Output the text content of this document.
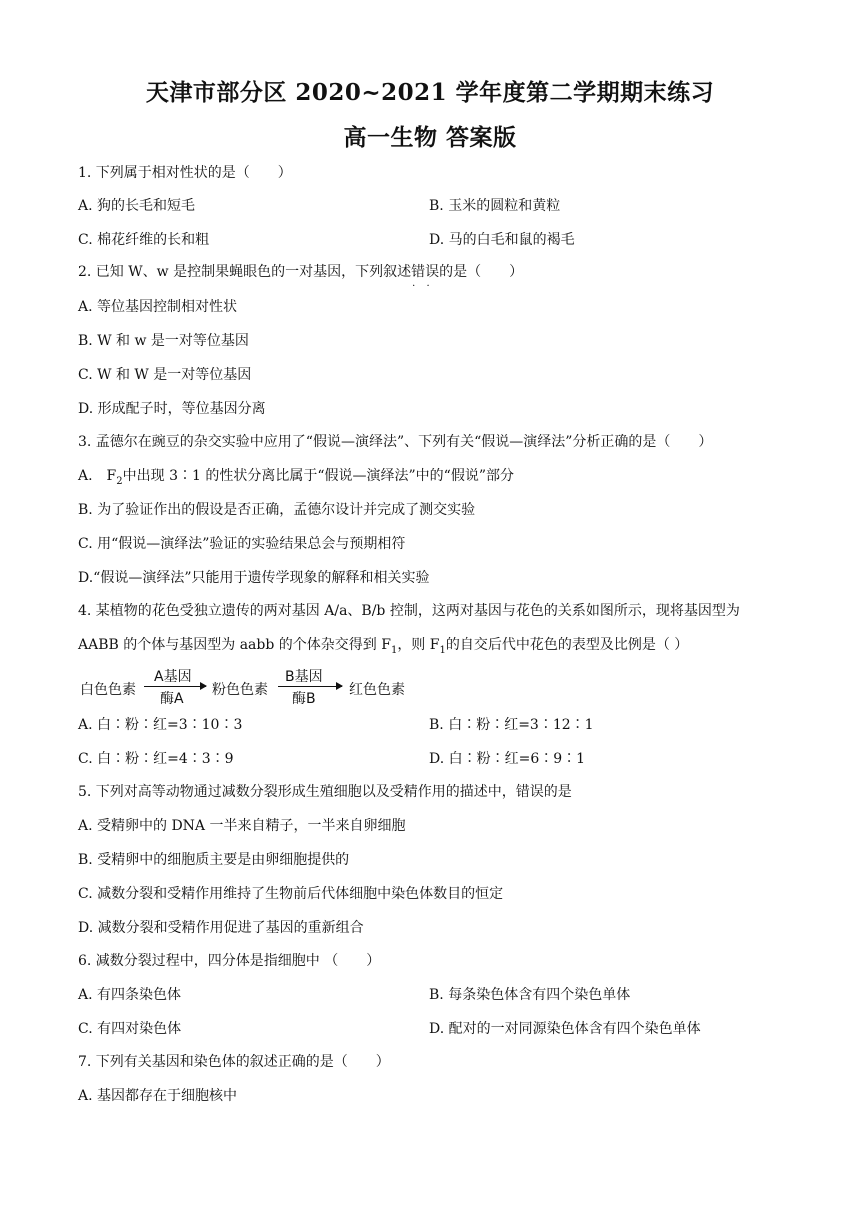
天津市部分区 2020~2021 学年度第二学期期末练习
高一生物 答案版
1. 下列属于相对性状的是（　　）
A. 狗的长毛和短毛	B. 玉米的圆粒和黄粒
C. 棉花纤维的长和粗	D. 马的白毛和鼠的褐毛
2. 已知 W、w 是控制果蝇眼色的一对基因，下列叙述错误 · ·的是（　　）
A. 等位基因控制相对性状
B. W 和 w 是一对等位基因
C. W 和 W 是一对等位基因
D. 形成配子时，等位基因分离
3. 孟德尔在豌豆的杂交实验中应用了“假说—演绎法”、下列有关“假说—演绎法”分析正确的是（　　）
A.　$F_2$中出现 3∶1 的性状分离比属于“假说—演绎法”中的“假说”部分
B. 为了验证作出的假设是否正确，孟德尔设计并完成了测交实验
C. 用“假说—演绎法”验证的实验结果总会与预期相符
D.“假说—演绎法”只能用于遗传学现象的解释和相关实验
4. 某植物的花色受独立遗传的两对基因 A/a、B/b 控制，这两对基因与花色的关系如图所示，现将基因型为
AABB 的个体与基因型为 aabb 的个体杂交得到 $F_1$，则 $F_1$的自交后代中花色的表型及比例是（ ）
白色色素
A基因
酶A
粉色色素
B基因
酶B
红色色素
A. 白∶粉∶红=3∶10∶3	B. 白∶粉∶红=3∶12∶1
C. 白∶粉∶红=4∶3∶9	D. 白∶粉∶红=6∶9∶1
5. 下列对高等动物通过减数分裂形成生殖细胞以及受精作用的描述中，错误的是
A. 受精卵中的 DNA 一半来自精子，一半来自卵细胞
B. 受精卵中的细胞质主要是由卵细胞提供的
C. 减数分裂和受精作用维持了生物前后代体细胞中染色体数目的恒定
D. 减数分裂和受精作用促进了基因的重新组合
6. 减数分裂过程中，四分体是指细胞中 （　　）
A. 有四条染色体	B. 每条染色体含有四个染色单体
C. 有四对染色体	D. 配对的一对同源染色体含有四个染色单体
7. 下列有关基因和染色体的叙述正确的是（　　）
A. 基因都存在于细胞核中
